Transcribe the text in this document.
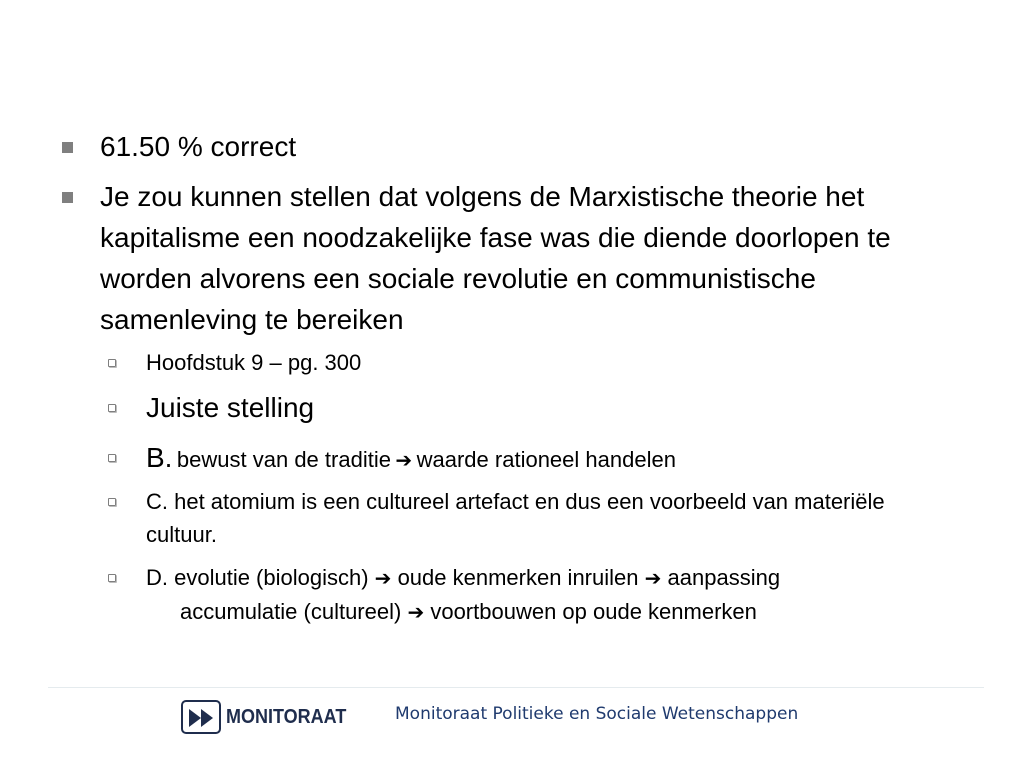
61.50 % correct
Je zou kunnen stellen dat volgens de Marxistische theorie het kapitalisme een noodzakelijke fase was die diende doorlopen te worden alvorens een sociale revolutie en communistische samenleving te bereiken
Hoofdstuk 9 – pg. 300
Juiste stelling
B. bewust van de traditie ➔ waarde rationeel handelen
C. het atomium is een cultureel artefact en dus een voorbeeld van materiële cultuur.
D. evolutie (biologisch) ➔ oude kenmerken inruilen ➔ aanpassing
accumulatie (cultureel) ➔ voortbouwen op oude kenmerken
MONITORAAT	Monitoraat Politieke en Sociale Wetenschappen
